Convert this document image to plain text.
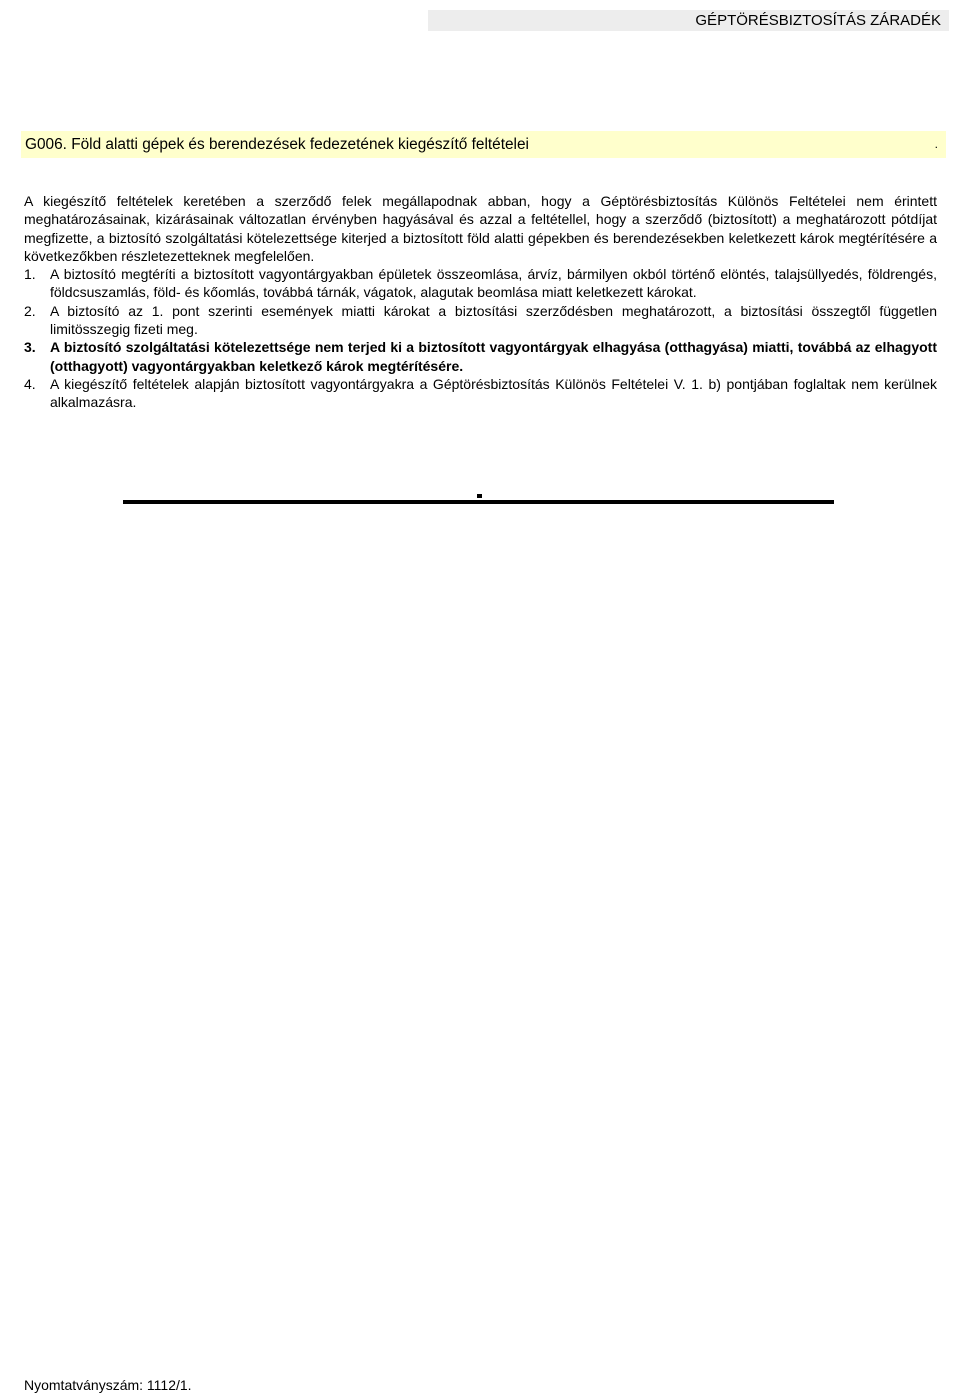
GÉPTÖRÉSBIZTOSÍTÁS ZÁRADÉK
G006. Föld alatti gépek és berendezések fedezetének kiegészítő feltételei	.

A kiegészítő feltételek keretében a szerződő felek megállapodnak abban, hogy a Géptörésbiztosítás Különös Feltételei nem érintett meghatározásainak, kizárásainak változatlan érvényben hagyásával és azzal a feltétellel, hogy a szerződő (biztosított) a meghatározott pótdíjat megfizette, a biztosító szolgáltatási kötelezettsége kiterjed a biztosított föld alatti gépekben és berendezésekben keletkezett károk megtérítésére a következőkben részletezetteknek megfelelően.

1.	A biztosító megtéríti a biztosított vagyontárgyakban épületek összeomlása, árvíz, bármilyen okból történő elöntés, talajsüllyedés, földrengés, földcsuszamlás, föld- és kőomlás, továbbá tárnák, vágatok, alagutak beomlása miatt keletkezett károkat.
2.	A biztosító az 1. pont szerinti események miatti károkat a biztosítási szerződésben meghatározott, a biztosítási összegtől független limitösszegig fizeti meg.
3.	A biztosító szolgáltatási kötelezettsége nem terjed ki a biztosított vagyontárgyak elhagyása (otthagyása) miatti, továbbá az elhagyott (otthagyott) vagyontárgyakban keletkező károk megtérítésére.
4.	A kiegészítő feltételek alapján biztosított vagyontárgyakra a Géptörésbiztosítás Különös Feltételei V. 1. b) pontjában foglaltak nem kerülnek alkalmazásra.
Nyomtatványszám: 1112/1.
